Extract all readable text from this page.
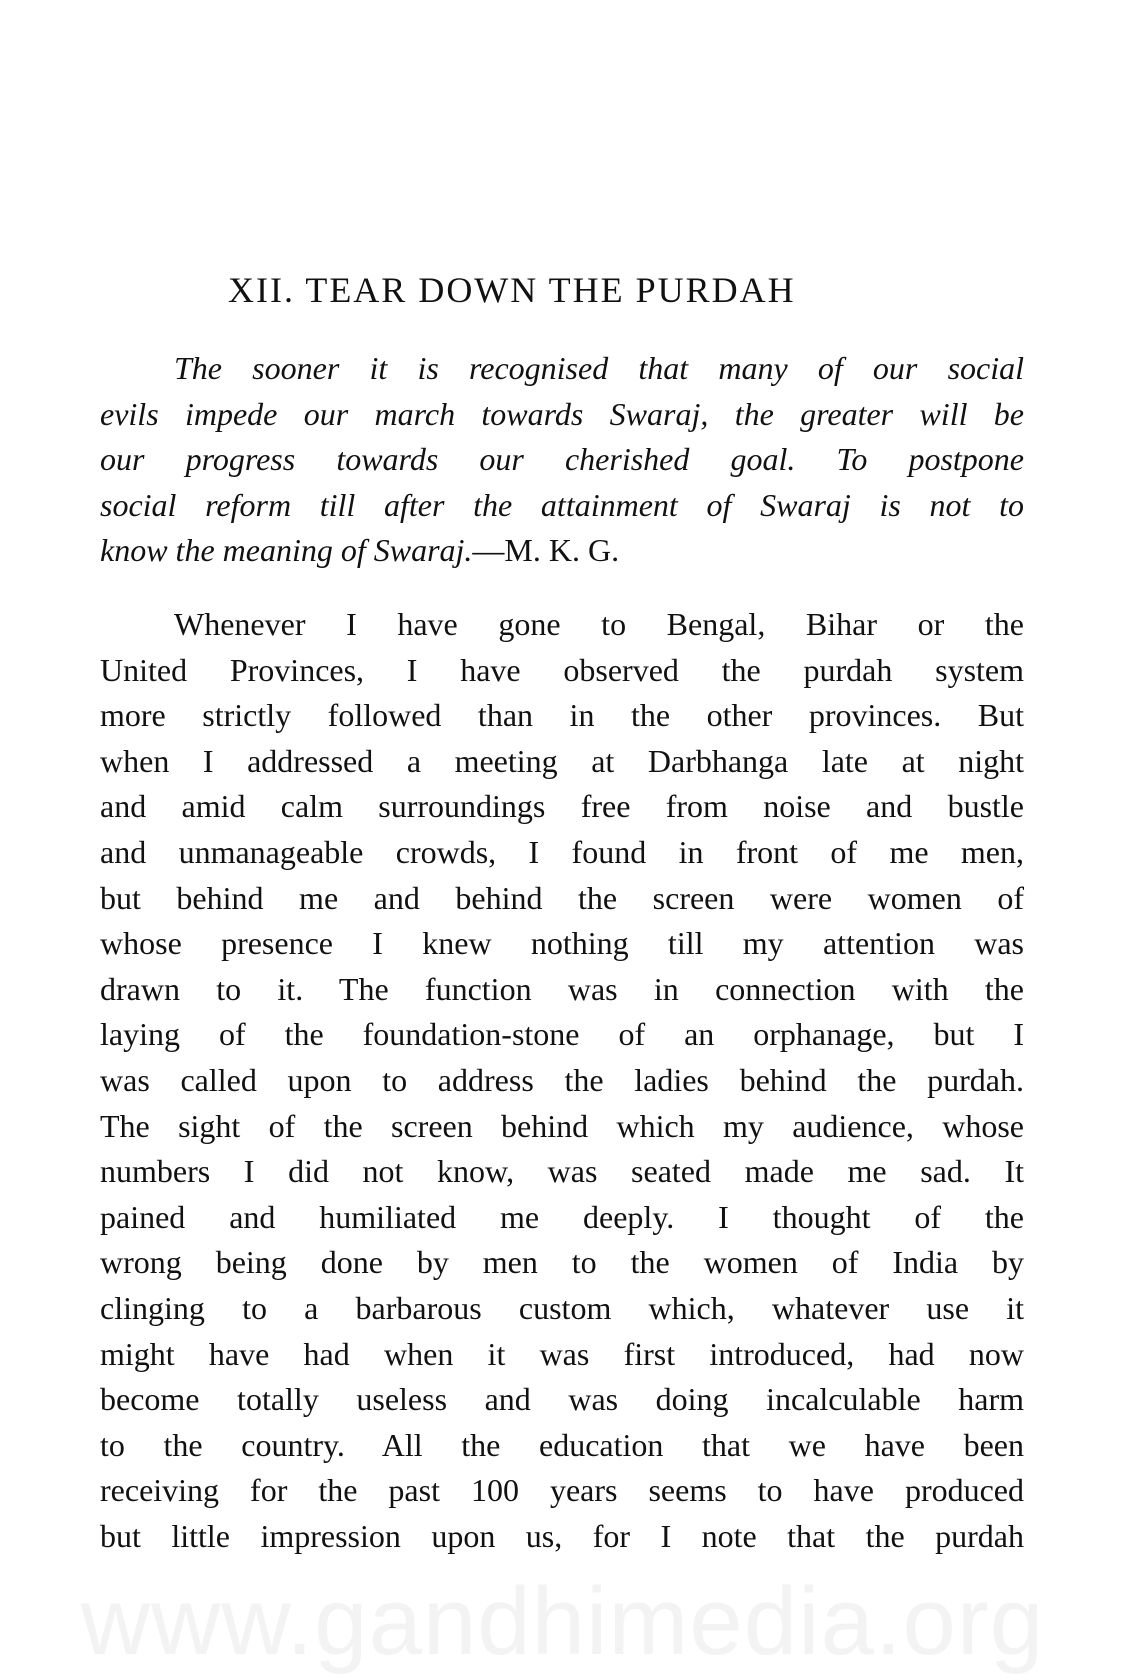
XII. TEAR DOWN THE PURDAH
The sooner it is recognised that many of our social
evils impede our march towards Swaraj, the greater will be
our progress towards our cherished goal. To postpone
social reform till after the attainment of Swaraj is not to
know the meaning of Swaraj.—M. K. G.
Whenever I have gone to Bengal, Bihar or the
United Provinces, I have observed the purdah system
more strictly followed than in the other provinces. But
when I addressed a meeting at Darbhanga late at night
and amid calm surroundings free from noise and bustle
and unmanageable crowds, I found in front of me men,
but behind me and behind the screen were women of
whose presence I knew nothing till my attention was
drawn to it. The function was in connection with the
laying of the foundation-stone of an orphanage, but I
was called upon to address the ladies behind the purdah.
The sight of the screen behind which my audience, whose
numbers I did not know, was seated made me sad. It
pained and humiliated me deeply. I thought of the
wrong being done by men to the women of India by
clinging to a barbarous custom which, whatever use it
might have had when it was first introduced, had now
become totally useless and was doing incalculable harm
to the country. All the education that we have been
receiving for the past 100 years seems to have produced
but little impression upon us, for I note that the purdah
www.gandhimedia.org
